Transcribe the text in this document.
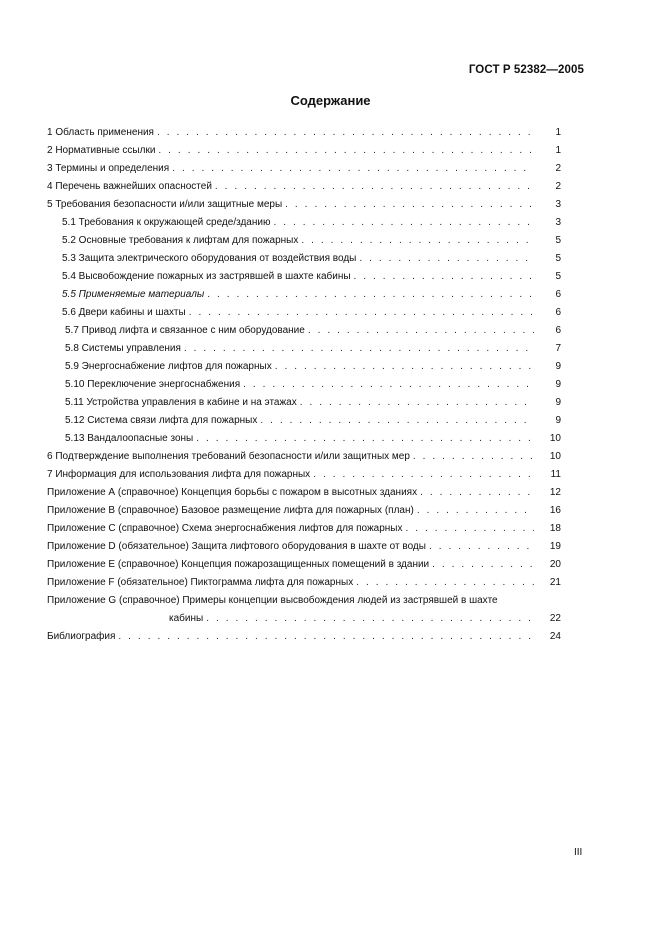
ГОСТ Р 52382—2005
Содержание
1 Область применения . . .	1
2 Нормативные ссылки . . .	1
3 Термины и определения . . .	2
4 Перечень важнейших опасностей . . .	2
5 Требования безопасности и/или защитные меры . . .	3
5.1 Требования к окружающей среде/зданию . . .	3
5.2 Основные требования к лифтам для пожарных . . .	5
5.3 Защита электрического оборудования от воздействия воды . . .	5
5.4 Высвобождение пожарных из застрявшей в шахте кабины . . .	5
5.5 Применяемые материалы . . .	6
5.6 Двери кабины и шахты . . .	6
5.7 Привод лифта и связанное с ним оборудование . . .	6
5.8 Системы управления . . .	7
5.9 Энергоснабжение лифтов для пожарных . . .	9
5.10 Переключение энергоснабжения . . .	9
5.11 Устройства управления в кабине и на этажах . . .	9
5.12 Система связи лифта для пожарных . . .	9
5.13 Вандалоопасные зоны . . .	10
6 Подтверждение выполнения требований безопасности и/или защитных мер . . .	10
7 Информация для использования лифта для пожарных . . .	11
Приложение А (справочное) Концепция борьбы с пожаром в высотных зданиях . . .	12
Приложение В (справочное) Базовое размещение лифта для пожарных (план) . . .	16
Приложение С (справочное) Схема энергоснабжения лифтов для пожарных . . .	18
Приложение D (обязательное) Защита лифтового оборудования в шахте от воды . . .	19
Приложение Е (справочное) Концепция пожарозащищенных помещений в здании . . .	20
Приложение F (обязательное) Пиктограмма лифта для пожарных . . .	21
Приложение G (справочное) Примеры концепции высвобождения людей из застрявшей в шахте
кабины . . .	22
Библиография . . .	24
III
